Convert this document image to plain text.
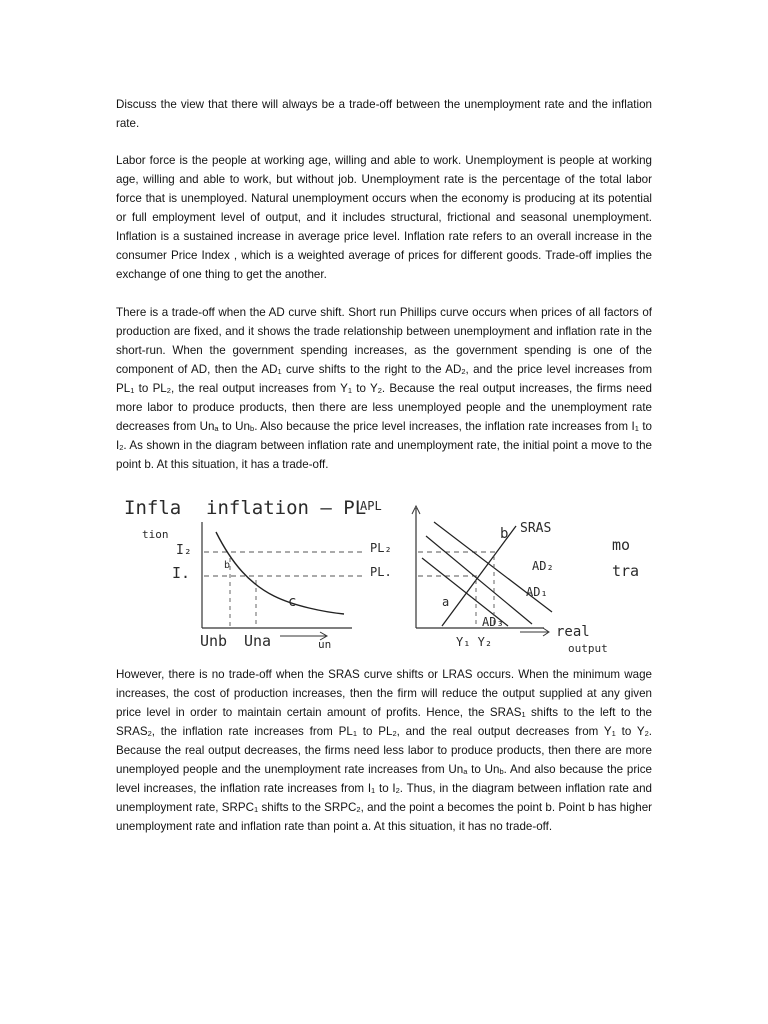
Discuss the view that there will always be a trade-off between the unemployment rate and the inflation rate.

Labor force is the people at working age, willing and able to work. Unemployment is people at working age, willing and able to work, but without job. Unemployment rate is the percentage of the total labor force that is unemployed. Natural unemployment occurs when the economy is producing at its potential or full employment level of output, and it includes structural, frictional and seasonal unemployment. Inflation is a sustained increase in average price level. Inflation rate refers to an overall increase in the consumer Price Index , which is a weighted average of prices for different goods. Trade-off implies the exchange of one thing to get the another.

There is a trade-off when the AD curve shift. Short run Phillips curve occurs when prices of all factors of production are fixed, and it shows the trade relationship between unemployment and inflation rate in the short-run. When the government spending increases, as the government spending is one of the component of AD, then the $AD_1$ curve shifts to the right to the $AD_2$, and the price level increases from $PL_1$ to $PL_2$, the real output increases from $Y_1$ to $Y_2$. Because the real output increases, the firms need more labor to produce products, then there are less unemployed people and the unemployment rate decreases from $Un_a$ to $Un_b$. Also because the price level increases, the inflation rate increases from $I_1$ to $I_2$. As shown in the diagram between inflation rate and unemployment rate, the initial point a move to the point b. At this situation, it has a trade-off.

Infla
tion
inflation — PL
I₂
I.	b
c
Unb Una	un
APL
PL₂
PL.
b
a
SRAS
AD₂
AD₁
AD₃
Y₁ Y₂
real
output
mo
tra

However, there is no trade-off when the SRAS curve shifts or LRAS occurs. When the minimum wage increases, the cost of production increases, then the firm will reduce the output supplied at any given price level in order to maintain certain amount of profits. Hence, the $SRAS_1$ shifts to the left to the $SRAS_2$, the inflation rate increases from $PL_1$ to $PL_2$, and the real output decreases from $Y_1$ to $Y_2$. Because the real output decreases, the firms need less labor to produce products, then there are more unemployed people and the unemployment rate increases from $Un_a$ to $Un_b$. And also because the price level increases, the inflation rate increases from $I_1$ to $I_2$. Thus, in the diagram between inflation rate and unemployment rate, $SRPC_1$ shifts to the $SRPC_2$, and the point a becomes the point b. Point b has higher unemployment rate and inflation rate than point a. At this situation, it has no trade-off.
